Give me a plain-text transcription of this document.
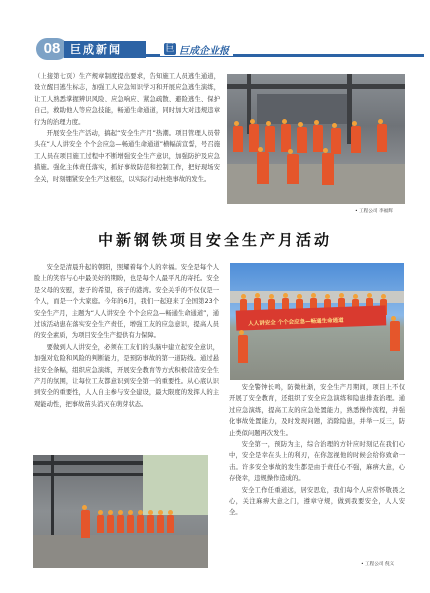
08 巨成新闻	巨 巨成企业报

（上接第七页）生产规章制度提出要求，告知施工人员逃生通道，设立醒目逃生标志，加强工人应急知识学习和开展应急逃生演练，让工人熟悉掌握辨识风险、应急响应、紧急疏散、避险逃生、保护自己，救助他人等应急技能，畅通生命通道，同时加大对违规违章行为的治理力度。

开展安全生产活动，搞起“安全生产月”热潮。项目管理人员带头在“人人讲安全 个个会应急—畅通生命通道”横幅前宣誓，号召施工人员在项目施工过程中不断增强安全生产意识，加强防护及应急措施。强化主体责任落实，抓好事故防范和控制工作，把好现场安全关，时刻绷紧安全生产这根弦，以实际行动杜绝事故的发生。

• 工程公司 李福辉
中新钢铁项目安全生产月活动

安全是清晨升起的朝阳，照耀着每个人的幸福。安全是每个人脸上的笑容与心中最美好的期盼，也是每个人最平凡的寄托。安全是父母的安慰，妻子的希望，孩子的港湾。安全关乎的不仅仅是一个人，而是一个大家庭。今年的6月，我们一起迎来了全国第23个安全生产月，主题为“人人讲安全 个个会应急—畅通生命通道”，通过该活动患在落实安全生产责任，增强工友的应急意识，提高人员的安全素质，为项目安全生产提供有力保障。

要做到人人讲安全，必须在工友们的头脑中建立起安全意识，加强对危险和风险的判断能力，是预防事故的第一道防线。通过悬挂安全条幅，组织应急演练，开展安全教育等方式积极营造安全生产月的氛围，让每位工友都意识到安全第一的重要性。从心底认识到安全的重要性，人人自主参与安全建设，最大限度的发挥人的主观能动性，把事故苗头消灭在萌芽状态。

人人讲安全 个个会应急—畅通生命通道

安全警钟长鸣，防微杜渐，安全生产月期间，项目上不仅开展了安全教育，还组织了安全应急演练和隐患排查治理。通过应急演练，提高工友的应急处置能力，熟悉操作流程，并强化事故处置能力，及时发现问题，消除隐患，并举一反三，防止类似问题再次发生。

安全第一，预防为主，综合治理的方针应时刻记在我们心中，安全是幸在头上的利刃，在你忽视他的时候会给你致命一击。许多安全事故的发生都是由于责任心不强，麻痹大意，心存侥幸，违规操作造成的。

安全工作任重道远，居安思危，我们每个人应常怀敬畏之心，关注麻痹大意之门，遵章守规，做到我要安全，人人安全。

• 工程公司 倪义
